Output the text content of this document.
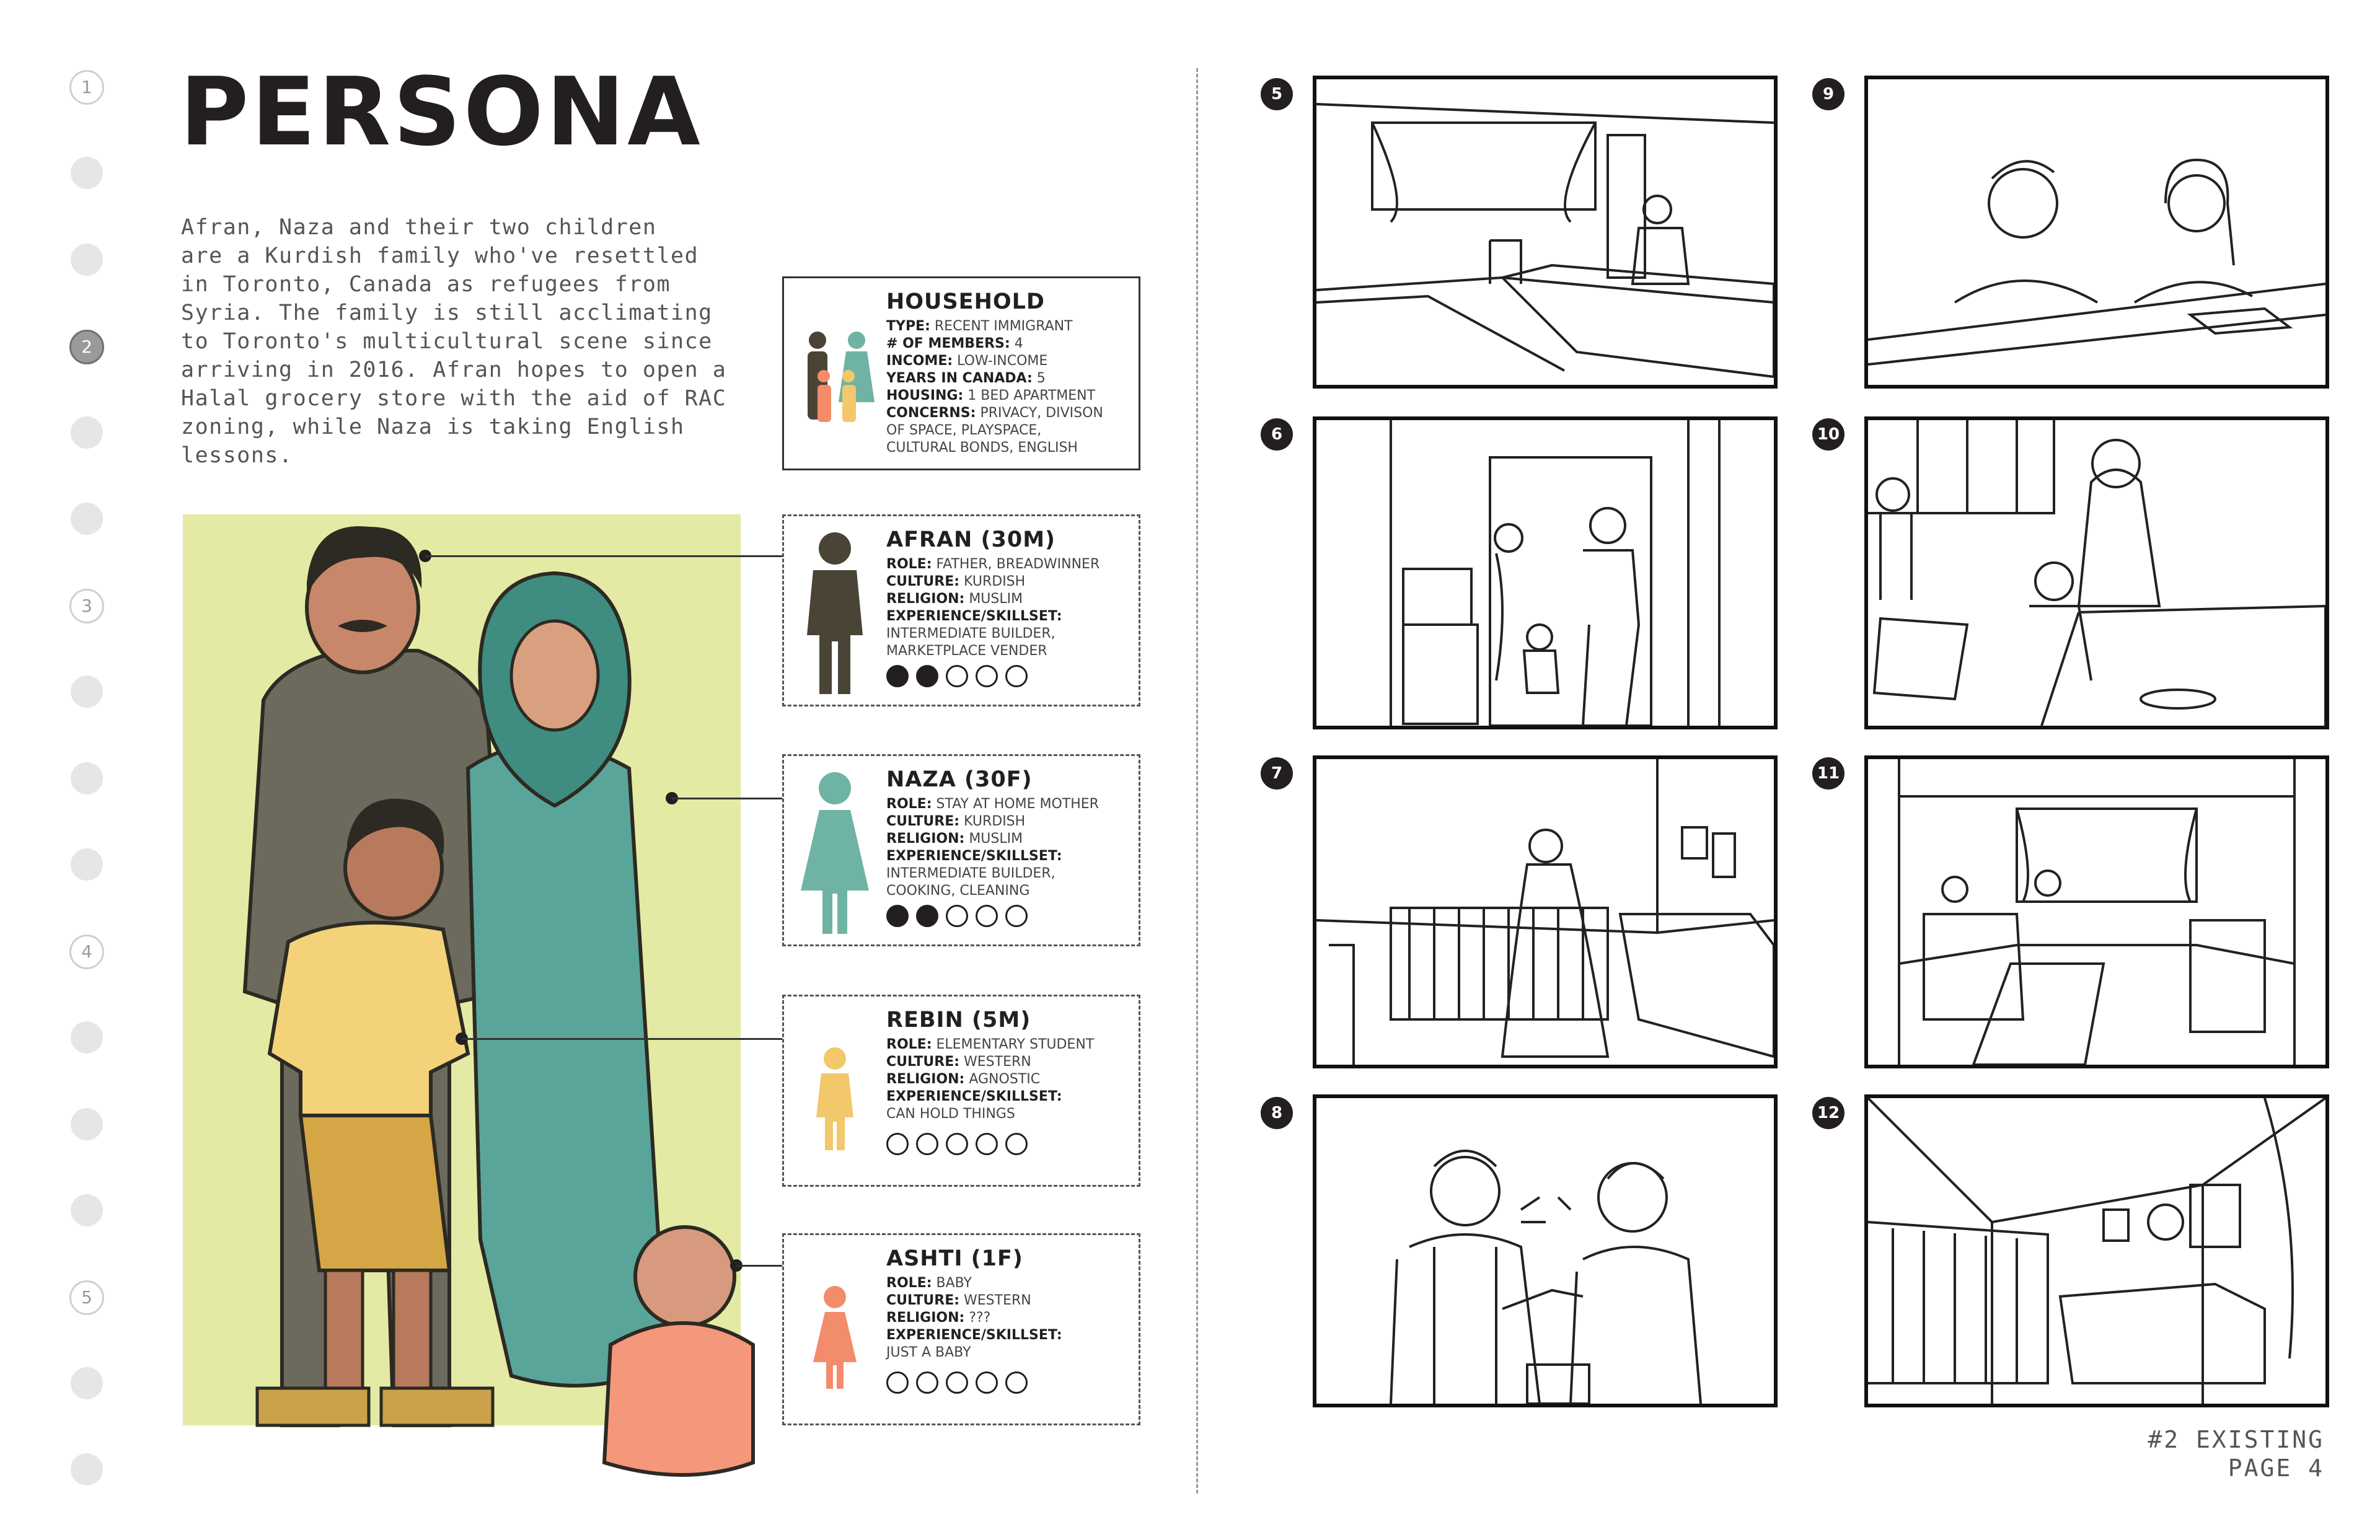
1
2
3
4
5
PERSONA
Afran, Naza and their two children
are a Kurdish family who've resettled
in Toronto, Canada as refugees from
Syria. The family is still acclimating
to Toronto's multicultural scene since
arriving in 2016. Afran hopes to open a
Halal grocery store with the aid of RAC
zoning, while Naza is taking English
lessons.
HOUSEHOLD
TYPE: RECENT IMMIGRANT
# OF MEMBERS: 4
INCOME: LOW-INCOME
YEARS IN CANADA: 5
HOUSING: 1 BED APARTMENT
CONCERNS: PRIVACY, DIVISON
OF SPACE, PLAYSPACE,
CULTURAL BONDS, ENGLISH
AFRAN (30M)
ROLE: FATHER, BREADWINNER
CULTURE: KURDISH
RELIGION: MUSLIM
EXPERIENCE/SKILLSET:
INTERMEDIATE BUILDER,
MARKETPLACE VENDER
NAZA (30F)
ROLE: STAY AT HOME MOTHER
CULTURE: KURDISH
RELIGION: MUSLIM
EXPERIENCE/SKILLSET:
INTERMEDIATE BUILDER,
COOKING, CLEANING
REBIN (5M)
ROLE: ELEMENTARY STUDENT
CULTURE: WESTERN
RELIGION: AGNOSTIC
EXPERIENCE/SKILLSET:
CAN HOLD THINGS
ASHTI (1F)
ROLE: BABY
CULTURE: WESTERN
RELIGION: ???
EXPERIENCE/SKILLSET:
JUST A BABY
5
6
7
8
9
10
11
12
#2 EXISTING
PAGE 4
